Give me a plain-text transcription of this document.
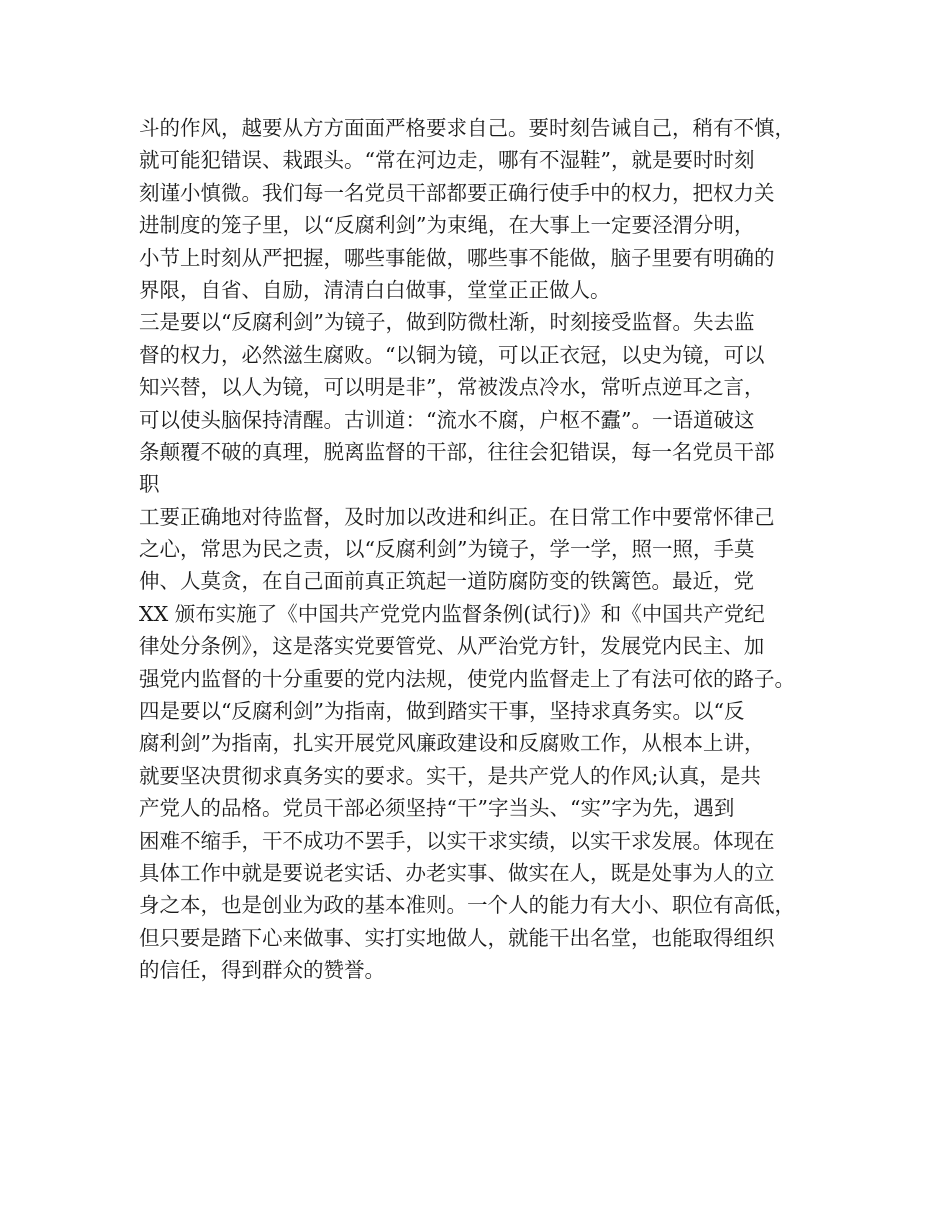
斗的作风，越要从方方面面严格要求自己。要时刻告诫自己，稍有不慎，
就可能犯错误、栽跟头。“常在河边走，哪有不湿鞋”，就是要时时刻
刻谨小慎微。我们每一名党员干部都要正确行使手中的权力，把权力关
进制度的笼子里，以“反腐利剑”为束绳，在大事上一定要泾渭分明，
小节上时刻从严把握，哪些事能做，哪些事不能做，脑子里要有明确的
界限，自省、自励，清清白白做事，堂堂正正做人。
三是要以“反腐利剑”为镜子，做到防微杜渐，时刻接受监督。失去监
督的权力，必然滋生腐败。“以铜为镜，可以正衣冠，以史为镜，可以
知兴替，以人为镜，可以明是非”，常被泼点冷水，常听点逆耳之言，
可以使头脑保持清醒。古训道：“流水不腐，户枢不蠹”。一语道破这
条颠覆不破的真理，脱离监督的干部，往往会犯错误，每一名党员干部
职
工要正确地对待监督，及时加以改进和纠正。在日常工作中要常怀律己
之心，常思为民之责，以“反腐利剑”为镜子，学一学，照一照，手莫
伸、人莫贪，在自己面前真正筑起一道防腐防变的铁篱笆。最近，党
XX 颁布实施了《中国共产党党内监督条例(试行)》和《中国共产党纪
律处分条例》，这是落实党要管党、从严治党方针，发展党内民主、加
强党内监督的十分重要的党内法规，使党内监督走上了有法可依的路子。
四是要以“反腐利剑”为指南，做到踏实干事，坚持求真务实。以“反
腐利剑”为指南，扎实开展党风廉政建设和反腐败工作，从根本上讲，
就要坚决贯彻求真务实的要求。实干，是共产党人的作风;认真，是共
产党人的品格。党员干部必须坚持“干”字当头、“实”字为先，遇到
困难不缩手，干不成功不罢手，以实干求实绩，以实干求发展。体现在
具体工作中就是要说老实话、办老实事、做实在人，既是处事为人的立
身之本，也是创业为政的基本准则。一个人的能力有大小、职位有高低，
但只要是踏下心来做事、实打实地做人，就能干出名堂，也能取得组织
的信任，得到群众的赞誉。
